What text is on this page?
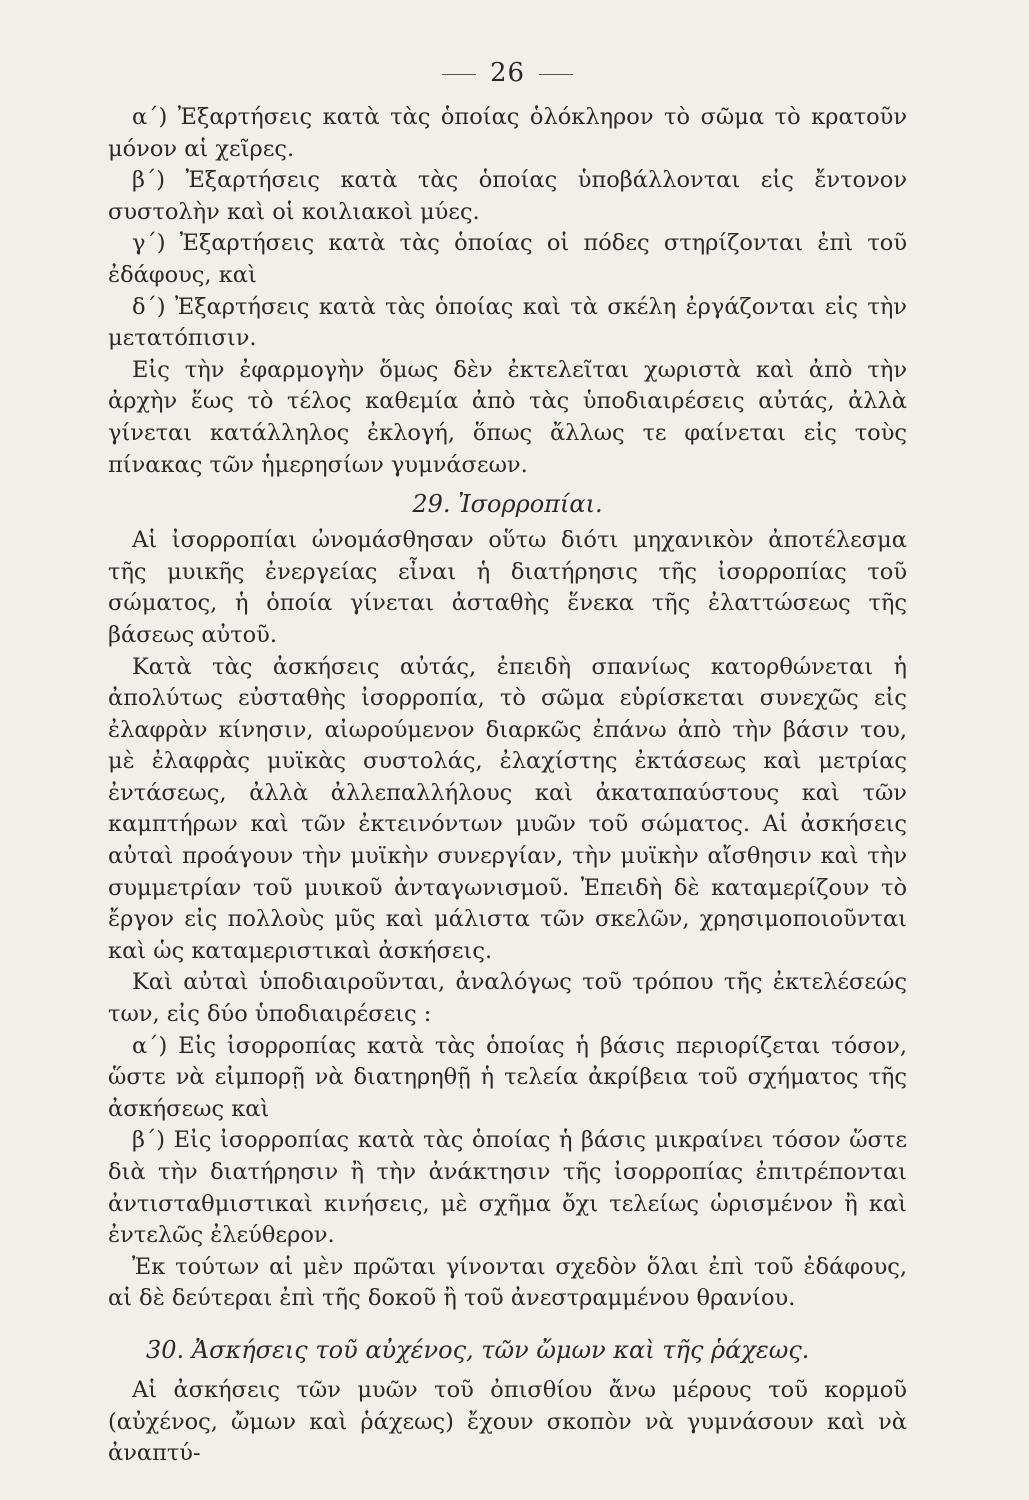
26

α΄) Ἐξαρτήσεις κατὰ τὰς ὁποίας ὁλόκληρον τὸ σῶμα τὸ κρατοῦν μόνον αἱ χεῖρες.

β΄) Ἐξαρτήσεις κατὰ τὰς ὁποίας ὑποβάλλονται εἰς ἔντονον συστολὴν καὶ οἱ κοιλιακοὶ μύες.

γ΄) Ἐξαρτήσεις κατὰ τὰς ὁποίας οἱ πόδες στηρίζονται ἐπὶ τοῦ ἐδάφους, καὶ

δ΄) Ἐξαρτήσεις κατὰ τὰς ὁποίας καὶ τὰ σκέλη ἐργάζονται εἰς τὴν μετατόπισιν.

Εἰς τὴν ἐφαρμογὴν ὅμως δὲν ἐκτελεῖται χωριστὰ καὶ ἀπὸ τὴν ἀρχὴν ἕως τὸ τέλος καθεμία ἀπὸ τὰς ὑποδιαιρέσεις αὐτάς, ἀλλὰ γίνεται κατάλληλος ἐκλογή, ὅπως ἄλλως τε φαίνεται εἰς τοὺς πίνακας τῶν ἡμερησίων γυμνάσεων.

29. Ἰσορροπίαι.

Αἱ ἰσορροπίαι ὠνομάσθησαν οὕτω διότι μηχανικὸν ἀποτέλεσμα τῆς μυικῆς ἐνεργείας εἶναι ἡ διατήρησις τῆς ἰσορροπίας τοῦ σώματος, ἡ ὁποία γίνεται ἀσταθὴς ἕνεκα τῆς ἐλαττώσεως τῆς βάσεως αὐτοῦ.

Κατὰ τὰς ἀσκήσεις αὐτάς, ἐπειδὴ σπανίως κατορθώνεται ἡ ἀπολύτως εὐσταθὴς ἰσορροπία, τὸ σῶμα εὑρίσκεται συνεχῶς εἰς ἐλαφρὰν κίνησιν, αἰωρούμενον διαρκῶς ἐπάνω ἀπὸ τὴν βάσιν του, μὲ ἐλαφρὰς μυϊκὰς συστολάς, ἐλαχίστης ἐκτάσεως καὶ μετρίας ἐντάσεως, ἀλλὰ ἀλλεπαλλήλους καὶ ἀκαταπαύστους καὶ τῶν καμπτήρων καὶ τῶν ἐκτεινόντων μυῶν τοῦ σώματος. Αἱ ἀσκήσεις αὐταὶ προάγουν τὴν μυϊκὴν συνεργίαν, τὴν μυϊκὴν αἴσθησιν καὶ τὴν συμμετρίαν τοῦ μυικοῦ ἀνταγωνισμοῦ. Ἐπειδὴ δὲ καταμερίζουν τὸ ἔργον εἰς πολλοὺς μῦς καὶ μάλιστα τῶν σκελῶν, χρησιμοποιοῦνται καὶ ὡς καταμεριστικαὶ ἀσκήσεις.

Καὶ αὐταὶ ὑποδιαιροῦνται, ἀναλόγως τοῦ τρόπου τῆς ἐκτελέσεώς των, εἰς δύο ὑποδιαιρέσεις :

α΄) Εἰς ἰσορροπίας κατὰ τὰς ὁποίας ἡ βάσις περιορίζεται τόσον, ὥστε νὰ εἰμπορῇ νὰ διατηρηθῇ ἡ τελεία ἀκρίβεια τοῦ σχήματος τῆς ἀσκήσεως καὶ

β΄) Εἰς ἰσορροπίας κατὰ τὰς ὁποίας ἡ βάσις μικραίνει τόσον ὥστε διὰ τὴν διατήρησιν ἢ τὴν ἀνάκτησιν τῆς ἰσορροπίας ἐπιτρέπονται ἀντισταθμιστικαὶ κινήσεις, μὲ σχῆμα ὄχι τελείως ὡρισμένον ἢ καὶ ἐντελῶς ἐλεύθερον.

Ἐκ τούτων αἱ μὲν πρῶται γίνονται σχεδὸν ὅλαι ἐπὶ τοῦ ἐδάφους, αἱ δὲ δεύτεραι ἐπὶ τῆς δοκοῦ ἢ τοῦ ἀνεστραμμένου θρανίου.

30. Ἀσκήσεις τοῦ αὐχένος, τῶν ὤμων καὶ τῆς ῥάχεως.

Αἱ ἀσκήσεις τῶν μυῶν τοῦ ὀπισθίου ἄνω μέρους τοῦ κορμοῦ (αὐχένος, ὤμων καὶ ῥάχεως) ἔχουν σκοπὸν νὰ γυμνάσουν καὶ νὰ ἀναπτύ-
